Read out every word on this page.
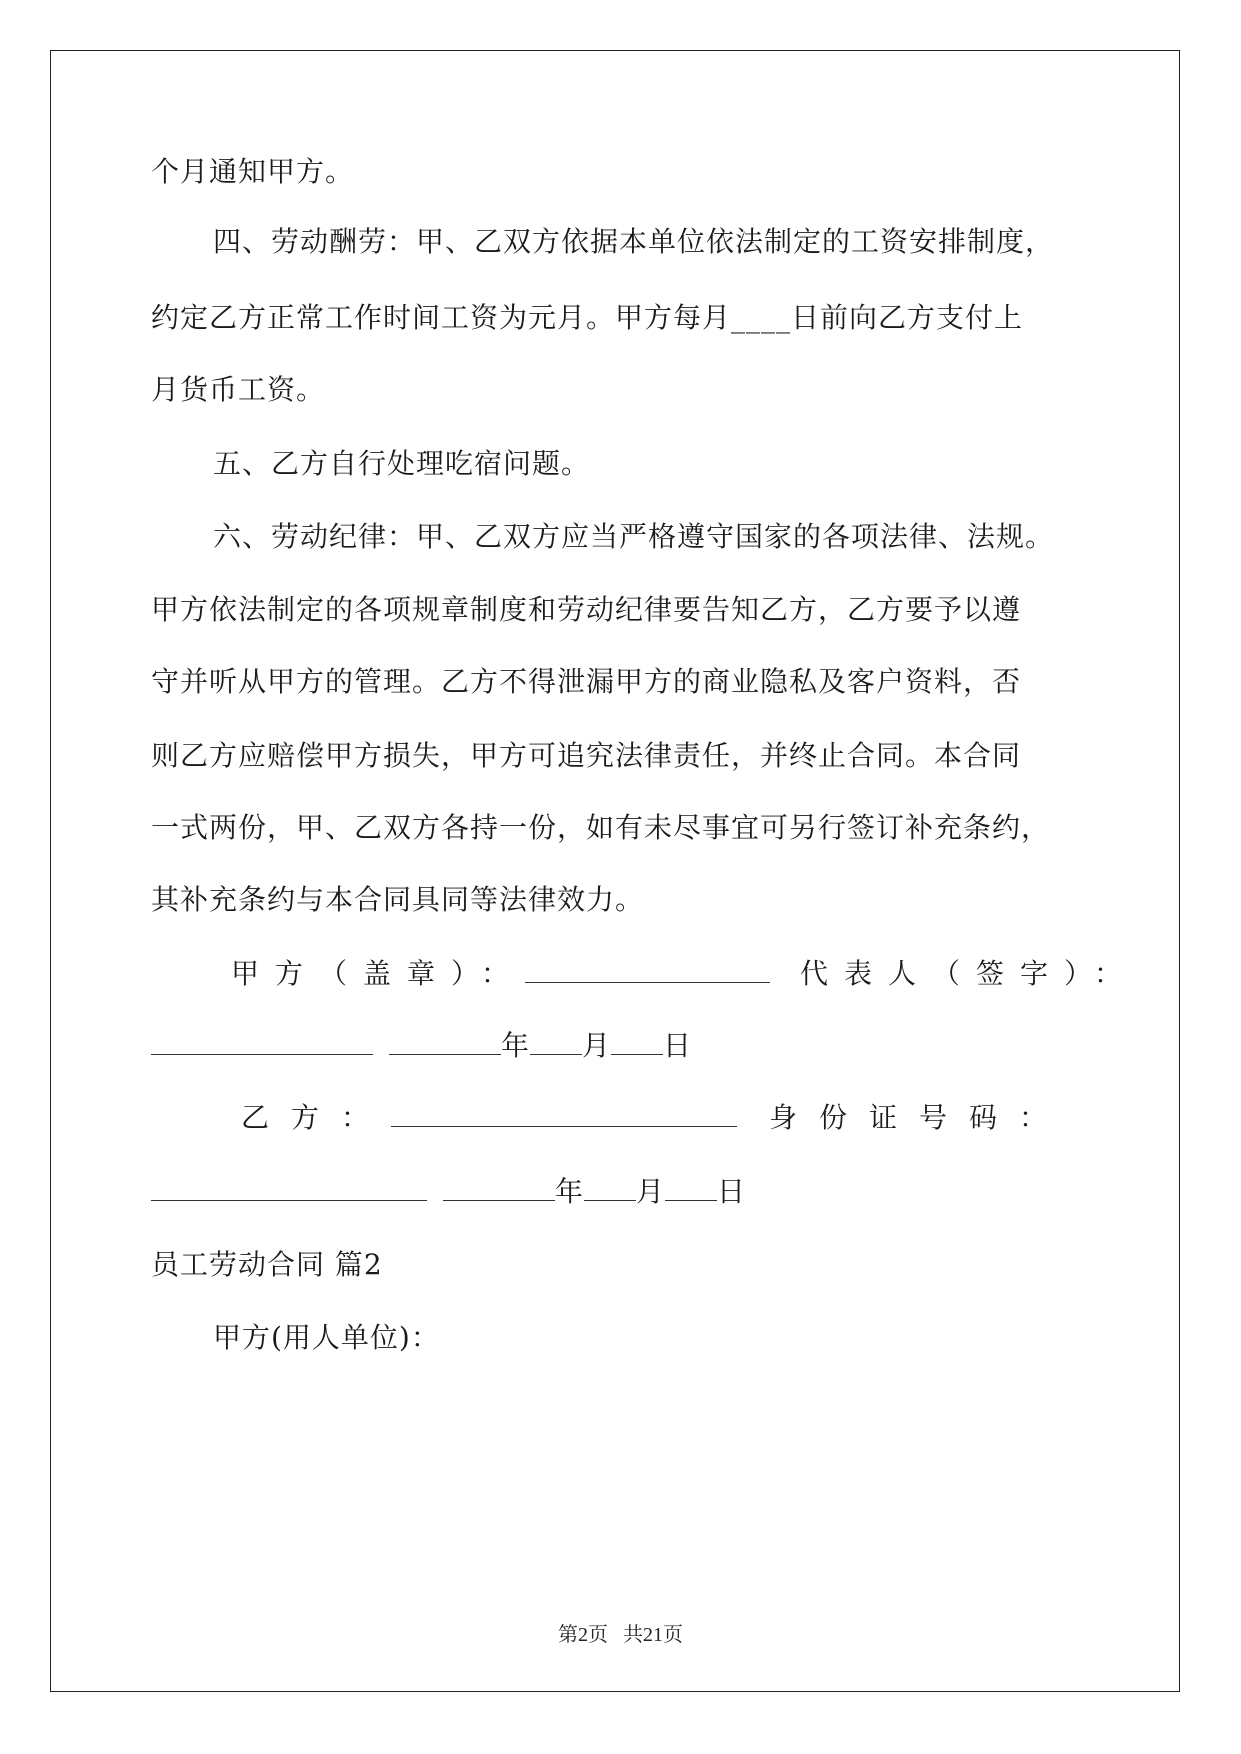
个月通知甲方。
四、劳动酬劳：甲、乙双方依据本单位依法制定的工资安排制度，
约定乙方正常工作时间工资为元月。甲方每月____日前向乙方支付上
月货币工资。
五、乙方自行处理吃宿问题。
六、劳动纪律：甲、乙双方应当严格遵守国家的各项法律、法规。
甲方依法制定的各项规章制度和劳动纪律要告知乙方，乙方要予以遵
守并听从甲方的管理。乙方不得泄漏甲方的商业隐私及客户资料，否
则乙方应赔偿甲方损失，甲方可追究法律责任，并终止合同。本合同
一式两份，甲、乙双方各持一份，如有未尽事宜可另行签订补充条约，
其补充条约与本合同具同等法律效力。
甲方（盖章）：	代表人（签字）：
年 月 日
乙方：	身份证号码：
年 月 日
员工劳动合同 篇2
甲方(用人单位)：
第2页   共21页
